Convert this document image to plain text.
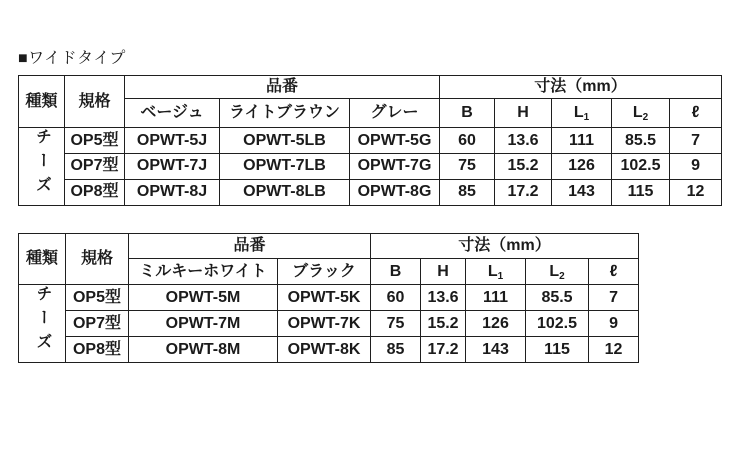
■ワイドタイプ
種類	規格	品番			寸法（mm）				
		ベージュ	ライトブラウン	グレー	B	H	$L_1$	$L_2$	ℓ
チーズ	OP5型	OPWT-5J	OPWT-5LB	OPWT-5G	60	13.6	111	85.5	7
	OP7型	OPWT-7J	OPWT-7LB	OPWT-7G	75	15.2	126	102.5	9
	OP8型	OPWT-8J	OPWT-8LB	OPWT-8G	85	17.2	143	115	12
種類	規格	品番		寸法（mm）				
		ミルキーホワイト	ブラック	B	H	$L_1$	$L_2$	ℓ
チーズ	OP5型	OPWT-5M	OPWT-5K	60	13.6	111	85.5	7
	OP7型	OPWT-7M	OPWT-7K	75	15.2	126	102.5	9
	OP8型	OPWT-8M	OPWT-8K	85	17.2	143	115	12
